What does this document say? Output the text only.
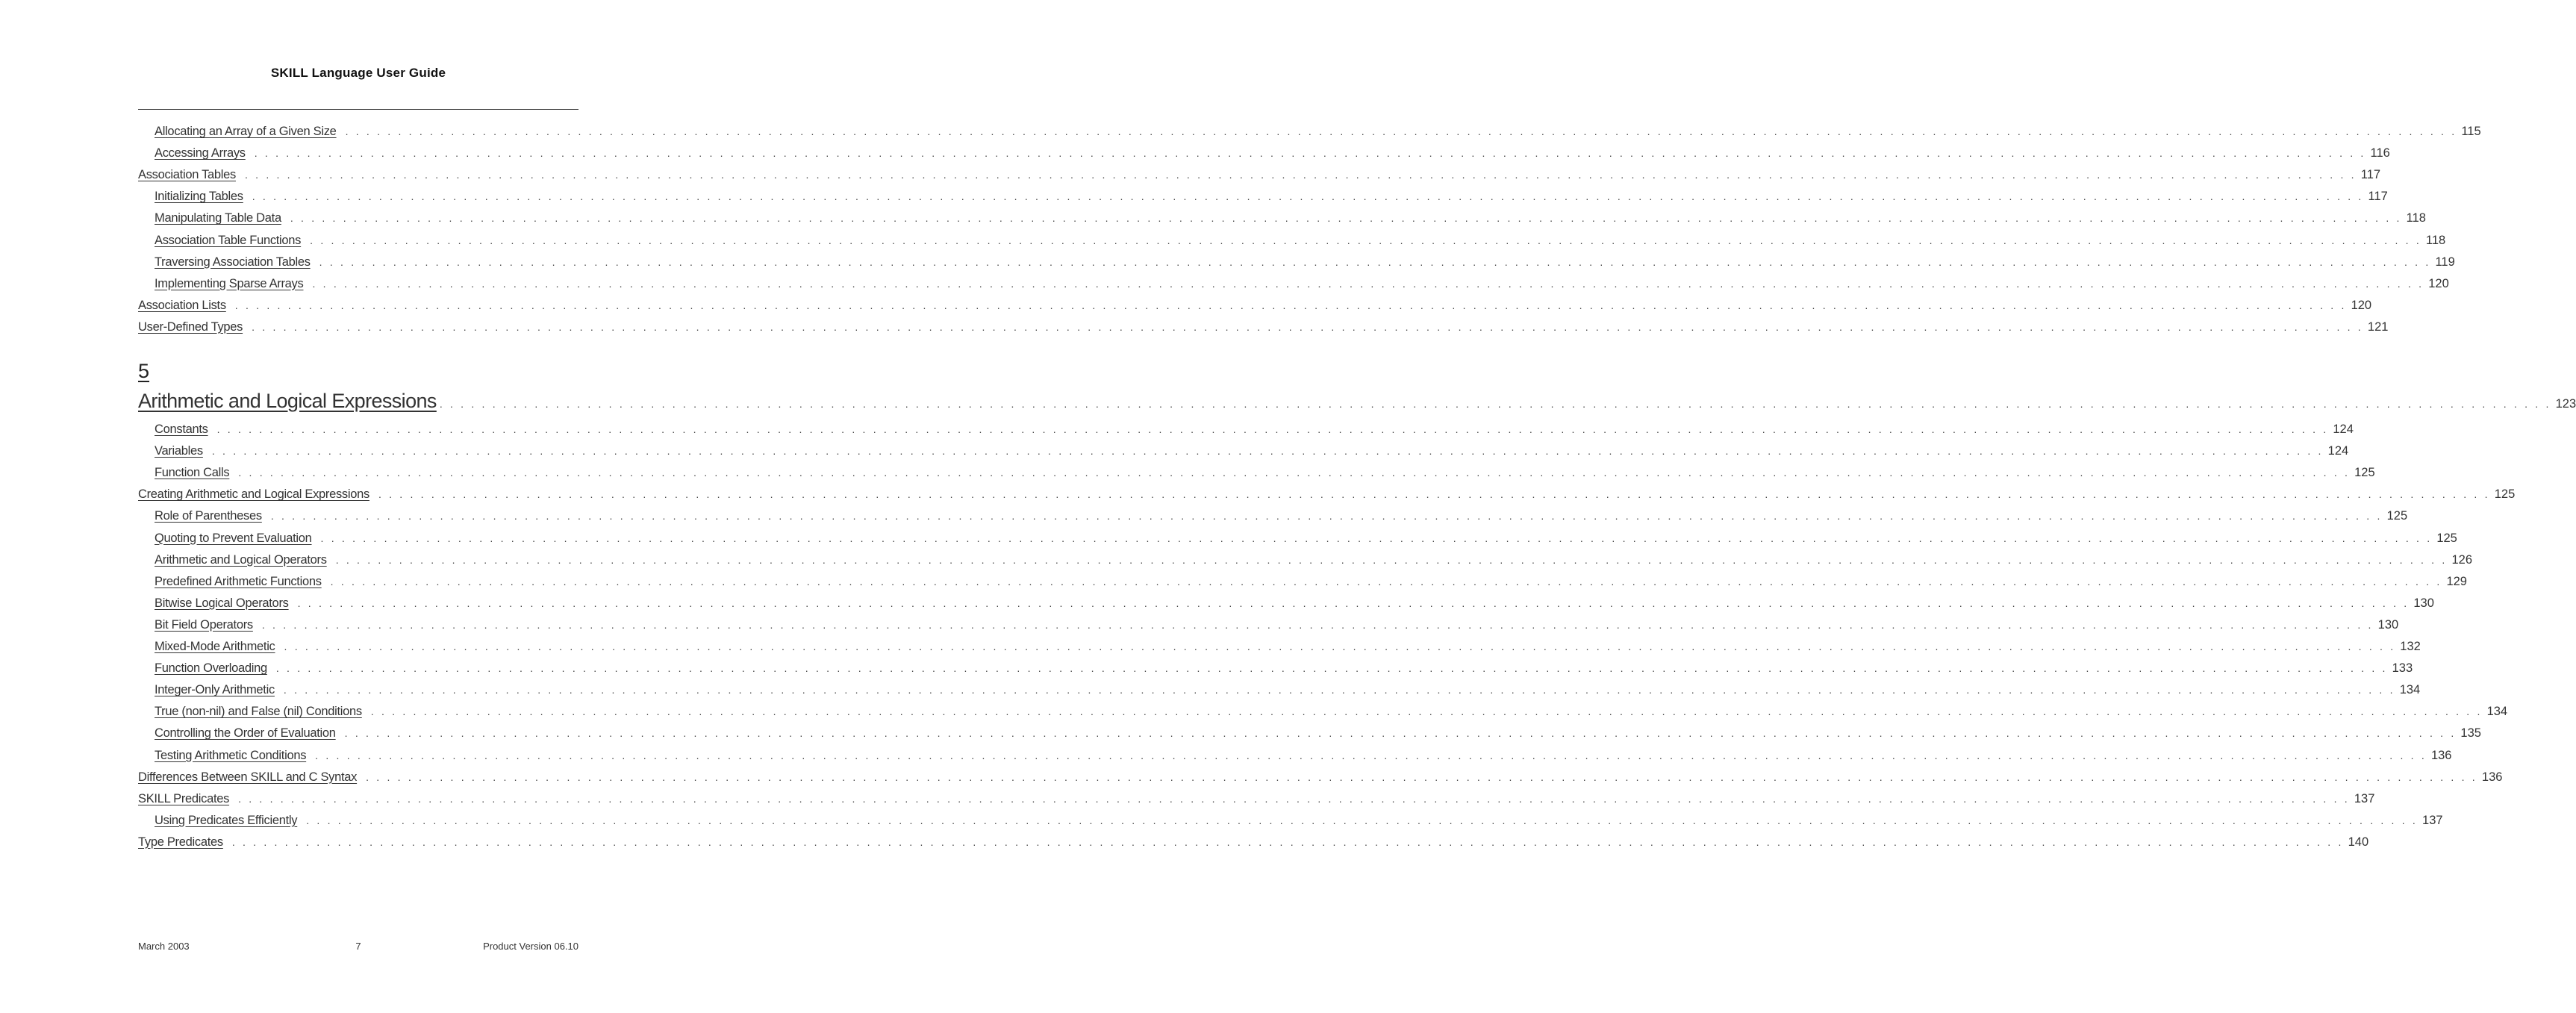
SKILL Language User Guide
Allocating an Array of a Given Size . . . . . . . . . . . . . . . . . . . . . . . . . . . . . . . . . . . . . . . . . . . . . . . . . . . . . . . . . . . . . . . . . . . . . . . . . . . . . . . . . . . . . . . . . . . . . . . . . . . . . . . . . . . . . . . . . . . . . . . . . . . . . . . . . . . . . . . . . . . . . . . . . . . . . . . . . . . . . . . . . . . . . . . . . . . . . . . . . . . . . . . . . . . . . . . . . . . . . . . . 115
Accessing Arrays . . . . . . . . . . . . . . . . . . . . . . . . . . . . . . . . . . . . . . . . . . . . . . . . . . . . . . . . . . . . . . . . . . . . . . . . . . . . . . . . . . . . . . . . . . . . . . . . . . . . . . . . . . . . . . . . . . . . . . . . . . . . . . . . . . . . . . . . . . . . . . . . . . . . . . . . . . . . . . . . . . . . . . . . . . . . . . . . . . . . . . . . . . . . . . . . . . . . . . . . 116
Association Tables . . . . . . . . . . . . . . . . . . . . . . . . . . . . . . . . . . . . . . . . . . . . . . . . . . . . . . . . . . . . . . . . . . . . . . . . . . . . . . . . . . . . . . . . . . . . . . . . . . . . . . . . . . . . . . . . . . . . . . . . . . . . . . . . . . . . . . . . . . . . . . . . . . . . . . . . . . . . . . . . . . . . . . . . . . . . . . . . . . . . . . . . . . . . . . . . . . . . . . . . 117
Initializing Tables . . . . . . . . . . . . . . . . . . . . . . . . . . . . . . . . . . . . . . . . . . . . . . . . . . . . . . . . . . . . . . . . . . . . . . . . . . . . . . . . . . . . . . . . . . . . . . . . . . . . . . . . . . . . . . . . . . . . . . . . . . . . . . . . . . . . . . . . . . . . . . . . . . . . . . . . . . . . . . . . . . . . . . . . . . . . . . . . . . . . . . . . . . . . . . . . . . . . . . . . 117
Manipulating Table Data . . . . . . . . . . . . . . . . . . . . . . . . . . . . . . . . . . . . . . . . . . . . . . . . . . . . . . . . . . . . . . . . . . . . . . . . . . . . . . . . . . . . . . . . . . . . . . . . . . . . . . . . . . . . . . . . . . . . . . . . . . . . . . . . . . . . . . . . . . . . . . . . . . . . . . . . . . . . . . . . . . . . . . . . . . . . . . . . . . . . . . . . . . . . . . . . . . . . . . . . 118
Association Table Functions . . . . . . . . . . . . . . . . . . . . . . . . . . . . . . . . . . . . . . . . . . . . . . . . . . . . . . . . . . . . . . . . . . . . . . . . . . . . . . . . . . . . . . . . . . . . . . . . . . . . . . . . . . . . . . . . . . . . . . . . . . . . . . . . . . . . . . . . . . . . . . . . . . . . . . . . . . . . . . . . . . . . . . . . . . . . . . . . . . . . . . . . . . . . . . . . . . . . . . . . 118
Traversing Association Tables . . . . . . . . . . . . . . . . . . . . . . . . . . . . . . . . . . . . . . . . . . . . . . . . . . . . . . . . . . . . . . . . . . . . . . . . . . . . . . . . . . . . . . . . . . . . . . . . . . . . . . . . . . . . . . . . . . . . . . . . . . . . . . . . . . . . . . . . . . . . . . . . . . . . . . . . . . . . . . . . . . . . . . . . . . . . . . . . . . . . . . . . . . . . . . . . . . . . . . . . 119
Implementing Sparse Arrays . . . . . . . . . . . . . . . . . . . . . . . . . . . . . . . . . . . . . . . . . . . . . . . . . . . . . . . . . . . . . . . . . . . . . . . . . . . . . . . . . . . . . . . . . . . . . . . . . . . . . . . . . . . . . . . . . . . . . . . . . . . . . . . . . . . . . . . . . . . . . . . . . . . . . . . . . . . . . . . . . . . . . . . . . . . . . . . . . . . . . . . . . . . . . . . . . . . . . . . . 120
Association Lists . . . . . . . . . . . . . . . . . . . . . . . . . . . . . . . . . . . . . . . . . . . . . . . . . . . . . . . . . . . . . . . . . . . . . . . . . . . . . . . . . . . . . . . . . . . . . . . . . . . . . . . . . . . . . . . . . . . . . . . . . . . . . . . . . . . . . . . . . . . . . . . . . . . . . . . . . . . . . . . . . . . . . . . . . . . . . . . . . . . . . . . . . . . . . . . . . . . . . . . . 120
User-Defined Types . . . . . . . . . . . . . . . . . . . . . . . . . . . . . . . . . . . . . . . . . . . . . . . . . . . . . . . . . . . . . . . . . . . . . . . . . . . . . . . . . . . . . . . . . . . . . . . . . . . . . . . . . . . . . . . . . . . . . . . . . . . . . . . . . . . . . . . . . . . . . . . . . . . . . . . . . . . . . . . . . . . . . . . . . . . . . . . . . . . . . . . . . . . . . . . . . . . . . . . . 121
5
Arithmetic and Logical Expressions . . . . . . . . . . . . . . . . . . . . . . . . . . . . . . . . . . . . . . . . . . . . . . . . . . . . . . . . . . . . . . . . . . . . . . . . . . . . . . . . . . . . . . . . . . . . . . . . . . . . . . . . . . . . . . . . . . . . . . . . . . . . . . . . . . . . . . . . . . . . . . . . . . . . . . . . . . . . . . . . . . . . . . . . . . . . . . . . . . . . . . . . . . . . . . . . . . . . . . . . 123
Constants . . . . . . . . . . . . . . . . . . . . . . . . . . . . . . . . . . . . . . . . . . . . . . . . . . . . . . . . . . . . . . . . . . . . . . . . . . . . . . . . . . . . . . . . . . . . . . . . . . . . . . . . . . . . . . . . . . . . . . . . . . . . . . . . . . . . . . . . . . . . . . . . . . . . . . . . . . . . . . . . . . . . . . . . . . . . . . . . . . . . . . . . . . . . . . . . . . . . . . . . 124
Variables . . . . . . . . . . . . . . . . . . . . . . . . . . . . . . . . . . . . . . . . . . . . . . . . . . . . . . . . . . . . . . . . . . . . . . . . . . . . . . . . . . . . . . . . . . . . . . . . . . . . . . . . . . . . . . . . . . . . . . . . . . . . . . . . . . . . . . . . . . . . . . . . . . . . . . . . . . . . . . . . . . . . . . . . . . . . . . . . . . . . . . . . . . . . . . . . . . . . . . . . 124
Function Calls . . . . . . . . . . . . . . . . . . . . . . . . . . . . . . . . . . . . . . . . . . . . . . . . . . . . . . . . . . . . . . . . . . . . . . . . . . . . . . . . . . . . . . . . . . . . . . . . . . . . . . . . . . . . . . . . . . . . . . . . . . . . . . . . . . . . . . . . . . . . . . . . . . . . . . . . . . . . . . . . . . . . . . . . . . . . . . . . . . . . . . . . . . . . . . . . . . . . . . . . 125
Creating Arithmetic and Logical Expressions . . . . . . . . . . . . . . . . . . . . . . . . . . . . . . . . . . . . . . . . . . . . . . . . . . . . . . . . . . . . . . . . . . . . . . . . . . . . . . . . . . . . . . . . . . . . . . . . . . . . . . . . . . . . . . . . . . . . . . . . . . . . . . . . . . . . . . . . . . . . . . . . . . . . . . . . . . . . . . . . . . . . . . . . . . . . . . . . . . . . . . . . . . . . . . . . . . . . . . . . 125
Role of Parentheses . . . . . . . . . . . . . . . . . . . . . . . . . . . . . . . . . . . . . . . . . . . . . . . . . . . . . . . . . . . . . . . . . . . . . . . . . . . . . . . . . . . . . . . . . . . . . . . . . . . . . . . . . . . . . . . . . . . . . . . . . . . . . . . . . . . . . . . . . . . . . . . . . . . . . . . . . . . . . . . . . . . . . . . . . . . . . . . . . . . . . . . . . . . . . . . . . . . . . . . . 125
Quoting to Prevent Evaluation . . . . . . . . . . . . . . . . . . . . . . . . . . . . . . . . . . . . . . . . . . . . . . . . . . . . . . . . . . . . . . . . . . . . . . . . . . . . . . . . . . . . . . . . . . . . . . . . . . . . . . . . . . . . . . . . . . . . . . . . . . . . . . . . . . . . . . . . . . . . . . . . . . . . . . . . . . . . . . . . . . . . . . . . . . . . . . . . . . . . . . . . . . . . . . . . . . . . . . . . 125
Arithmetic and Logical Operators . . . . . . . . . . . . . . . . . . . . . . . . . . . . . . . . . . . . . . . . . . . . . . . . . . . . . . . . . . . . . . . . . . . . . . . . . . . . . . . . . . . . . . . . . . . . . . . . . . . . . . . . . . . . . . . . . . . . . . . . . . . . . . . . . . . . . . . . . . . . . . . . . . . . . . . . . . . . . . . . . . . . . . . . . . . . . . . . . . . . . . . . . . . . . . . . . . . . . . . . 126
Predefined Arithmetic Functions . . . . . . . . . . . . . . . . . . . . . . . . . . . . . . . . . . . . . . . . . . . . . . . . . . . . . . . . . . . . . . . . . . . . . . . . . . . . . . . . . . . . . . . . . . . . . . . . . . . . . . . . . . . . . . . . . . . . . . . . . . . . . . . . . . . . . . . . . . . . . . . . . . . . . . . . . . . . . . . . . . . . . . . . . . . . . . . . . . . . . . . . . . . . . . . . . . . . . . . . 129
Bitwise Logical Operators . . . . . . . . . . . . . . . . . . . . . . . . . . . . . . . . . . . . . . . . . . . . . . . . . . . . . . . . . . . . . . . . . . . . . . . . . . . . . . . . . . . . . . . . . . . . . . . . . . . . . . . . . . . . . . . . . . . . . . . . . . . . . . . . . . . . . . . . . . . . . . . . . . . . . . . . . . . . . . . . . . . . . . . . . . . . . . . . . . . . . . . . . . . . . . . . . . . . . . . . 130
Bit Field Operators . . . . . . . . . . . . . . . . . . . . . . . . . . . . . . . . . . . . . . . . . . . . . . . . . . . . . . . . . . . . . . . . . . . . . . . . . . . . . . . . . . . . . . . . . . . . . . . . . . . . . . . . . . . . . . . . . . . . . . . . . . . . . . . . . . . . . . . . . . . . . . . . . . . . . . . . . . . . . . . . . . . . . . . . . . . . . . . . . . . . . . . . . . . . . . . . . . . . . . . . 130
Mixed-Mode Arithmetic . . . . . . . . . . . . . . . . . . . . . . . . . . . . . . . . . . . . . . . . . . . . . . . . . . . . . . . . . . . . . . . . . . . . . . . . . . . . . . . . . . . . . . . . . . . . . . . . . . . . . . . . . . . . . . . . . . . . . . . . . . . . . . . . . . . . . . . . . . . . . . . . . . . . . . . . . . . . . . . . . . . . . . . . . . . . . . . . . . . . . . . . . . . . . . . . . . . . . . . . 132
Function Overloading . . . . . . . . . . . . . . . . . . . . . . . . . . . . . . . . . . . . . . . . . . . . . . . . . . . . . . . . . . . . . . . . . . . . . . . . . . . . . . . . . . . . . . . . . . . . . . . . . . . . . . . . . . . . . . . . . . . . . . . . . . . . . . . . . . . . . . . . . . . . . . . . . . . . . . . . . . . . . . . . . . . . . . . . . . . . . . . . . . . . . . . . . . . . . . . . . . . . . . . . 133
Integer-Only Arithmetic . . . . . . . . . . . . . . . . . . . . . . . . . . . . . . . . . . . . . . . . . . . . . . . . . . . . . . . . . . . . . . . . . . . . . . . . . . . . . . . . . . . . . . . . . . . . . . . . . . . . . . . . . . . . . . . . . . . . . . . . . . . . . . . . . . . . . . . . . . . . . . . . . . . . . . . . . . . . . . . . . . . . . . . . . . . . . . . . . . . . . . . . . . . . . . . . . . . . . . . . 134
True (non-nil) and False (nil) Conditions . . . . . . . . . . . . . . . . . . . . . . . . . . . . . . . . . . . . . . . . . . . . . . . . . . . . . . . . . . . . . . . . . . . . . . . . . . . . . . . . . . . . . . . . . . . . . . . . . . . . . . . . . . . . . . . . . . . . . . . . . . . . . . . . . . . . . . . . . . . . . . . . . . . . . . . . . . . . . . . . . . . . . . . . . . . . . . . . . . . . . . . . . . . . . . . . . . . . . . . . 134
Controlling the Order of Evaluation . . . . . . . . . . . . . . . . . . . . . . . . . . . . . . . . . . . . . . . . . . . . . . . . . . . . . . . . . . . . . . . . . . . . . . . . . . . . . . . . . . . . . . . . . . . . . . . . . . . . . . . . . . . . . . . . . . . . . . . . . . . . . . . . . . . . . . . . . . . . . . . . . . . . . . . . . . . . . . . . . . . . . . . . . . . . . . . . . . . . . . . . . . . . . . . . . . . . . . . . 135
Testing Arithmetic Conditions . . . . . . . . . . . . . . . . . . . . . . . . . . . . . . . . . . . . . . . . . . . . . . . . . . . . . . . . . . . . . . . . . . . . . . . . . . . . . . . . . . . . . . . . . . . . . . . . . . . . . . . . . . . . . . . . . . . . . . . . . . . . . . . . . . . . . . . . . . . . . . . . . . . . . . . . . . . . . . . . . . . . . . . . . . . . . . . . . . . . . . . . . . . . . . . . . . . . . . . . 136
Differences Between SKILL and C Syntax . . . . . . . . . . . . . . . . . . . . . . . . . . . . . . . . . . . . . . . . . . . . . . . . . . . . . . . . . . . . . . . . . . . . . . . . . . . . . . . . . . . . . . . . . . . . . . . . . . . . . . . . . . . . . . . . . . . . . . . . . . . . . . . . . . . . . . . . . . . . . . . . . . . . . . . . . . . . . . . . . . . . . . . . . . . . . . . . . . . . . . . . . . . . . . . . . . . . . . . . 136
SKILL Predicates . . . . . . . . . . . . . . . . . . . . . . . . . . . . . . . . . . . . . . . . . . . . . . . . . . . . . . . . . . . . . . . . . . . . . . . . . . . . . . . . . . . . . . . . . . . . . . . . . . . . . . . . . . . . . . . . . . . . . . . . . . . . . . . . . . . . . . . . . . . . . . . . . . . . . . . . . . . . . . . . . . . . . . . . . . . . . . . . . . . . . . . . . . . . . . . . . . . . . . . . 137
Using Predicates Efficiently . . . . . . . . . . . . . . . . . . . . . . . . . . . . . . . . . . . . . . . . . . . . . . . . . . . . . . . . . . . . . . . . . . . . . . . . . . . . . . . . . . . . . . . . . . . . . . . . . . . . . . . . . . . . . . . . . . . . . . . . . . . . . . . . . . . . . . . . . . . . . . . . . . . . . . . . . . . . . . . . . . . . . . . . . . . . . . . . . . . . . . . . . . . . . . . . . . . . . . . . 137
Type Predicates . . . . . . . . . . . . . . . . . . . . . . . . . . . . . . . . . . . . . . . . . . . . . . . . . . . . . . . . . . . . . . . . . . . . . . . . . . . . . . . . . . . . . . . . . . . . . . . . . . . . . . . . . . . . . . . . . . . . . . . . . . . . . . . . . . . . . . . . . . . . . . . . . . . . . . . . . . . . . . . . . . . . . . . . . . . . . . . . . . . . . . . . . . . . . . . . . . . . . . . . 140
March 2003	7	Product Version 06.10
